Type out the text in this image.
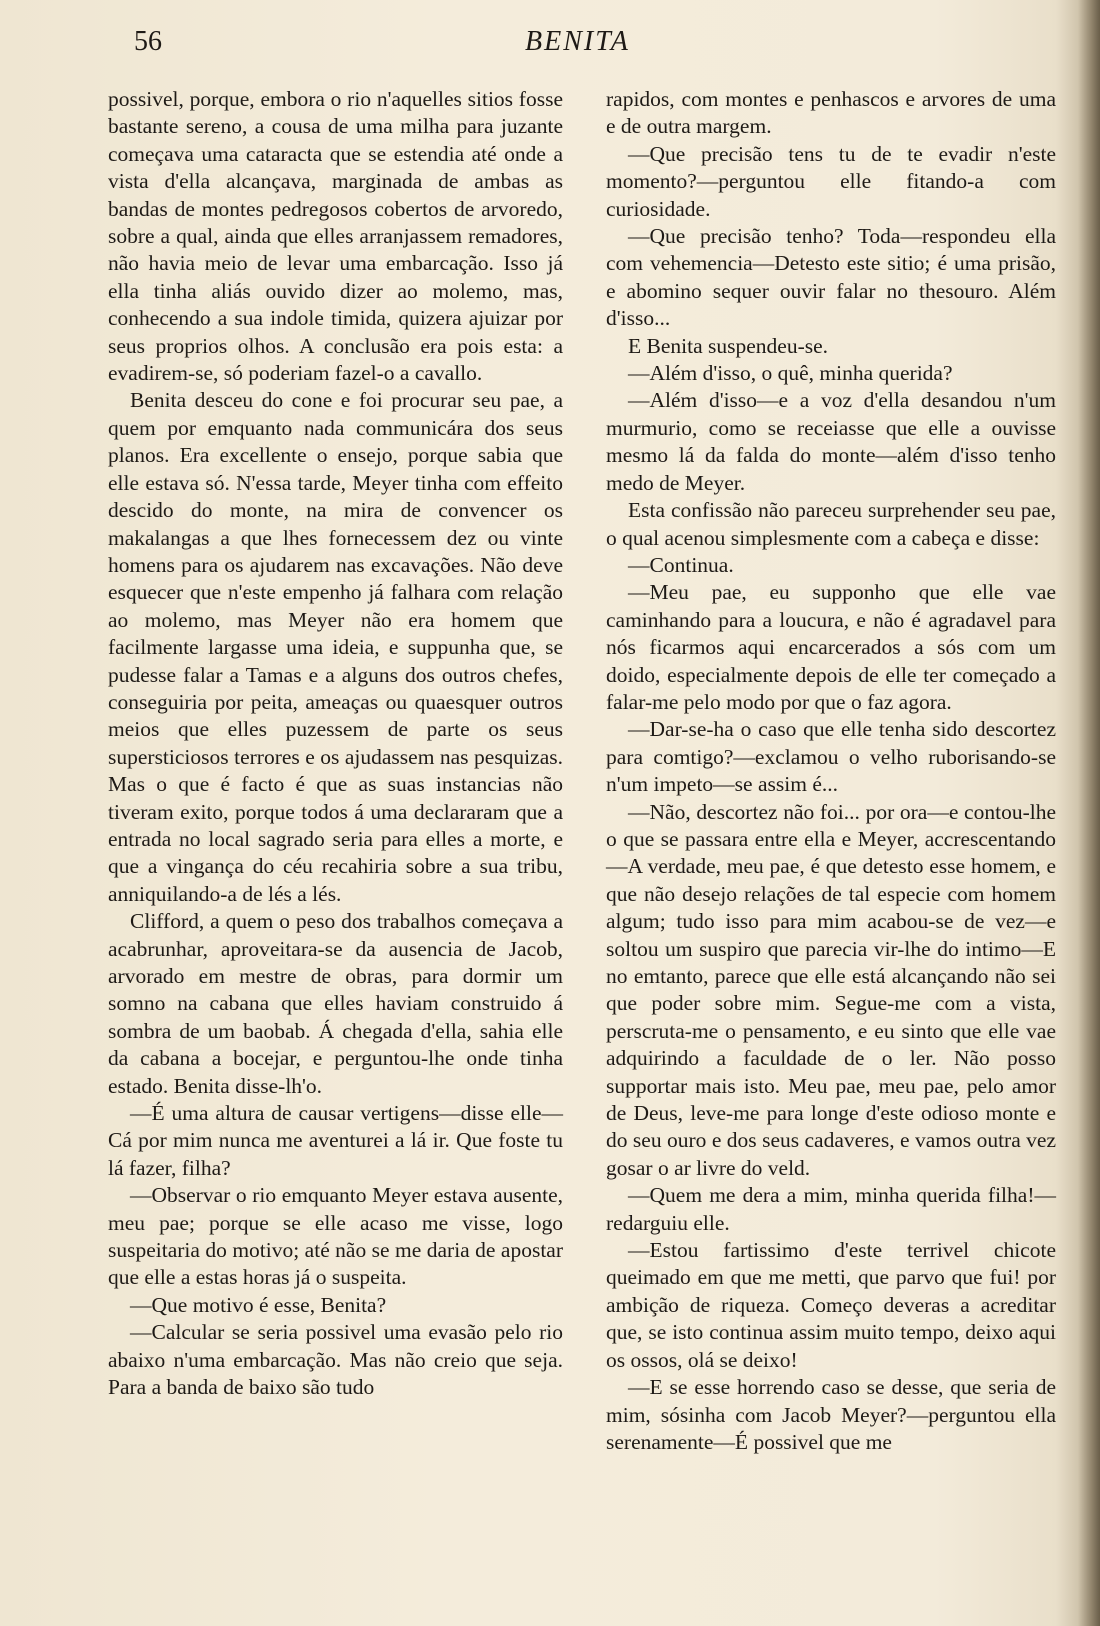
56	BENITA

possivel, porque, embora o rio n'aquelles sitios fosse bastante sereno, a cousa de uma milha para juzante começava uma cataracta que se estendia até onde a vista d'ella alcançava, marginada de ambas as bandas de montes pedregosos cobertos de arvoredo, sobre a qual, ainda que elles arranjassem remadores, não havia meio de levar uma embarcação. Isso já ella tinha aliás ouvido dizer ao molemo, mas, conhecendo a sua indole timida, quizera ajuizar por seus proprios olhos. A conclusão era pois esta: a evadirem-se, só poderiam fazel-o a cavallo.

Benita desceu do cone e foi procurar seu pae, a quem por emquanto nada communicára dos seus planos. Era excellente o ensejo, porque sabia que elle estava só. N'essa tarde, Meyer tinha com effeito descido do monte, na mira de convencer os makalangas a que lhes fornecessem dez ou vinte homens para os ajudarem nas excavações. Não deve esquecer que n'este empenho já falhara com relação ao molemo, mas Meyer não era homem que facilmente largasse uma ideia, e suppunha que, se pudesse falar a Tamas e a alguns dos outros chefes, conseguiria por peita, ameaças ou quaesquer outros meios que elles puzessem de parte os seus supersticiosos terrores e os ajudassem nas pesquizas. Mas o que é facto é que as suas instancias não tiveram exito, porque todos á uma declararam que a entrada no local sagrado seria para elles a morte, e que a vingança do céu recahiria sobre a sua tribu, anniquilando-a de lés a lés.

Clifford, a quem o peso dos trabalhos começava a acabrunhar, aproveitara-se da ausencia de Jacob, arvorado em mestre de obras, para dormir um somno na cabana que elles haviam construido á sombra de um baobab. Á chegada d'ella, sahia elle da cabana a bocejar, e perguntou-lhe onde tinha estado. Benita disse-lh'o.

—É uma altura de causar vertigens—disse elle—Cá por mim nunca me aventurei a lá ir. Que foste tu lá fazer, filha?

—Observar o rio emquanto Meyer estava ausente, meu pae; porque se elle acaso me visse, logo suspeitaria do motivo; até não se me daria de apostar que elle a estas horas já o suspeita.

—Que motivo é esse, Benita?

—Calcular se seria possivel uma evasão pelo rio abaixo n'uma embarcação. Mas não creio que seja. Para a banda de baixo são tudo

rapidos, com montes e penhascos e arvores de uma e de outra margem.

—Que precisão tens tu de te evadir n'este momento?—perguntou elle fitando-a com curiosidade.

—Que precisão tenho? Toda—respondeu ella com vehemencia—Detesto este sitio; é uma prisão, e abomino sequer ouvir falar no thesouro. Além d'isso...

E Benita suspendeu-se.

—Além d'isso, o quê, minha querida?

—Além d'isso—e a voz d'ella desandou n'um murmurio, como se receiasse que elle a ouvisse mesmo lá da falda do monte—além d'isso tenho medo de Meyer.

Esta confissão não pareceu surprehender seu pae, o qual acenou simplesmente com a cabeça e disse:

—Continua.

—Meu pae, eu supponho que elle vae caminhando para a loucura, e não é agradavel para nós ficarmos aqui encarcerados a sós com um doido, especialmente depois de elle ter começado a falar-me pelo modo por que o faz agora.

—Dar-se-ha o caso que elle tenha sido descortez para comtigo?—exclamou o velho ruborisando-se n'um impeto—se assim é...

—Não, descortez não foi... por ora—e contou-lhe o que se passara entre ella e Meyer, accrescentando—A verdade, meu pae, é que detesto esse homem, e que não desejo relações de tal especie com homem algum; tudo isso para mim acabou-se de vez—e soltou um suspiro que parecia vir-lhe do intimo—E no emtanto, parece que elle está alcançando não sei que poder sobre mim. Segue-me com a vista, perscruta-me o pensamento, e eu sinto que elle vae adquirindo a faculdade de o ler. Não posso supportar mais isto. Meu pae, meu pae, pelo amor de Deus, leve-me para longe d'este odioso monte e do seu ouro e dos seus cadaveres, e vamos outra vez gosar o ar livre do veld.

—Quem me dera a mim, minha querida filha!—redarguiu elle.

—Estou fartissimo d'este terrivel chicote queimado em que me metti, que parvo que fui! por ambição de riqueza. Começo deveras a acreditar que, se isto continua assim muito tempo, deixo aqui os ossos, olá se deixo!

—E se esse horrendo caso se desse, que seria de mim, sósinha com Jacob Meyer?—perguntou ella serenamente—É possivel que me
